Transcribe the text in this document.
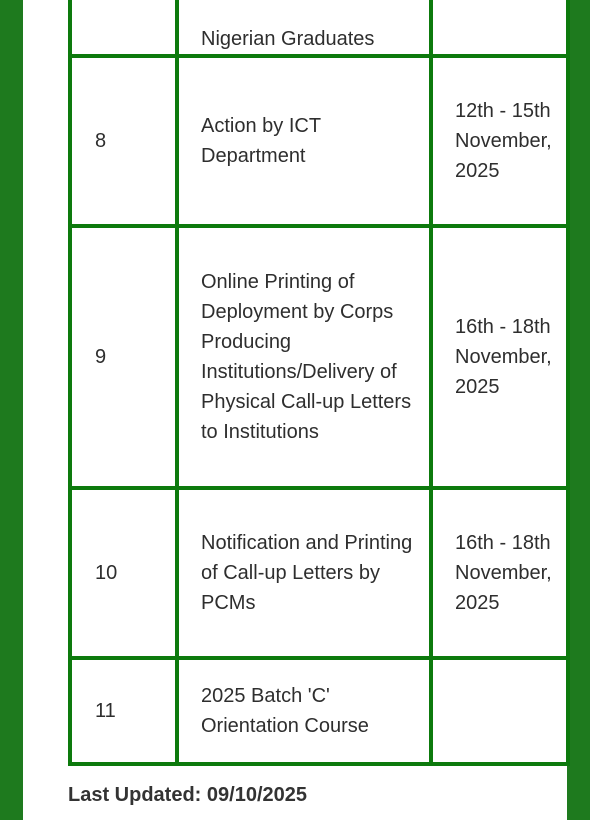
	Nigerian Graduates	
8	Action by ICT Department	12th - 15th November, 2025
9	Online Printing of Deployment by Corps Producing Institutions/Delivery of Physical Call-up Letters to Institutions	16th - 18th November, 2025
10	Notification and Printing of Call-up Letters by PCMs	16th - 18th November, 2025
11	2025 Batch 'C' Orientation Course	
Last Updated: 09/10/2025
